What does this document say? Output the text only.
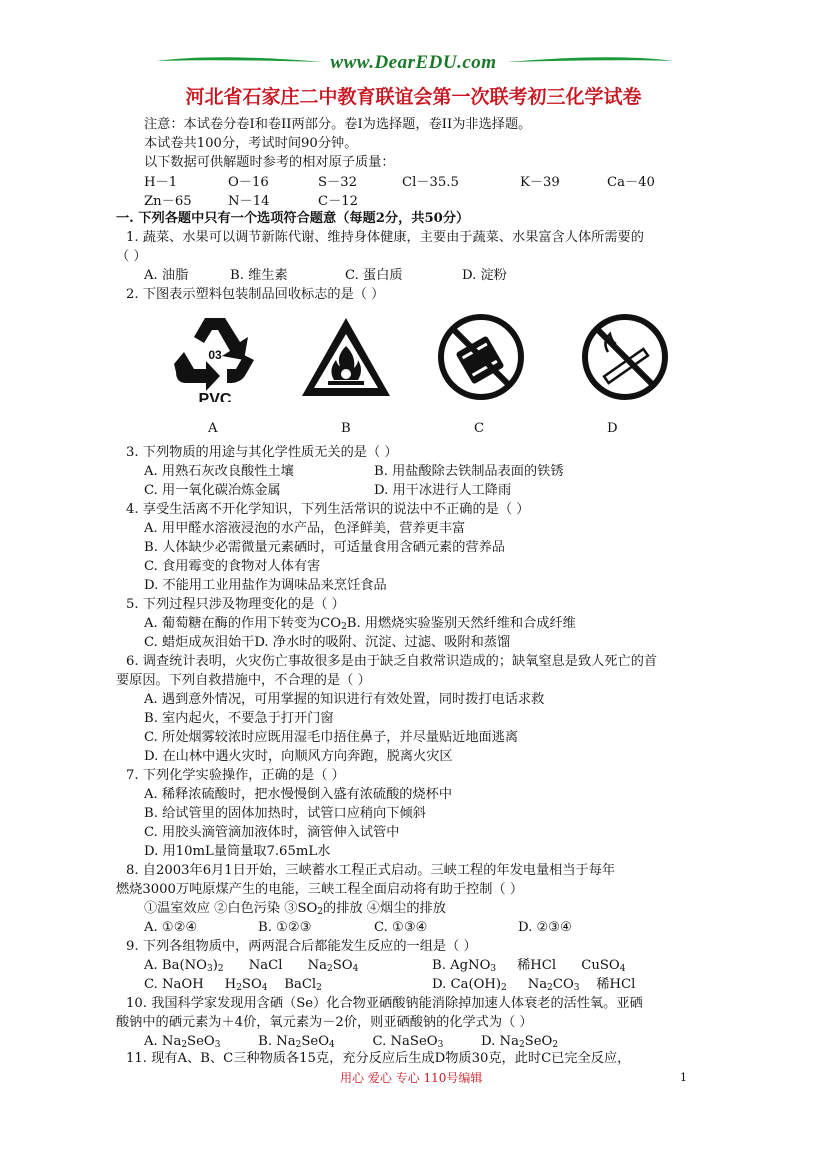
www.DearEDU.com
河北省石家庄二中教育联谊会第一次联考初三化学试卷
注意：本试卷分卷I和卷II两部分。卷I为选择题，卷II为非选择题。
本试卷共100分，考试时间90分钟。
以下数据可供解题时参考的相对原子质量：
H－1	O－16	S－32	Cl－35.5	K－39	Ca－40
Zn－65	N－14	C－12
一. 下列各题中只有一个选项符合题意（每题2分，共50分）
1. 蔬菜、水果可以调节新陈代谢、维持身体健康，主要由于蔬菜、水果富含人体所需要的
（ ）
A. 油脂	B. 维生素	C. 蛋白质	D. 淀粉
2. 下图表示塑料包装制品回收标志的是（ ）
03
PVC
A	B	C	D
3. 下列物质的用途与其化学性质无关的是（ ）
A. 用熟石灰改良酸性土壤	B. 用盐酸除去铁制品表面的铁锈
C. 用一氧化碳冶炼金属	D. 用干冰进行人工降雨
4. 享受生活离不开化学知识，下列生活常识的说法中不正确的是（ ）
A. 用甲醛水溶液浸泡的水产品，色泽鲜美，营养更丰富
B. 人体缺少必需微量元素硒时，可适量食用含硒元素的营养品
C. 食用霉变的食物对人体有害
D. 不能用工业用盐作为调味品来烹饪食品
5. 下列过程只涉及物理变化的是（ ）
A. 葡萄糖在酶的作用下转变为$CO_2B$. 用燃烧实验鉴别天然纤维和合成纤维
C. 蜡炬成灰泪始干D. 净水时的吸附、沉淀、过滤、吸附和蒸馏
6. 调查统计表明，火灾伤亡事故很多是由于缺乏自救常识造成的；缺氧窒息是致人死亡的首
要原因。下列自救措施中，不合理的是（ ）
A. 遇到意外情况，可用掌握的知识进行有效处置，同时拨打电话求救
B. 室内起火，不要急于打开门窗
C. 所处烟雾较浓时应既用湿毛巾捂住鼻子，并尽量贴近地面逃离
D. 在山林中遇火灾时，向顺风方向奔跑，脱离火灾区
7. 下列化学实验操作，正确的是（ ）
A. 稀释浓硫酸时，把水慢慢倒入盛有浓硫酸的烧杯中
B. 给试管里的固体加热时，试管口应稍向下倾斜
C. 用胶头滴管滴加液体时，滴管伸入试管中
D. 用10mL量筒量取7.65mL水
8. 自2003年6月1日开始，三峡蓄水工程正式启动。三峡工程的年发电量相当于每年
燃烧3000万吨原煤产生的电能，三峡工程全面启动将有助于控制（ ）
①温室效应 ②白色污染 $③SO_2$的排放 ④烟尘的排放
A. ①②④	B. ①②③	C. ①③④	D. ②③④
9. 下列各组物质中，两两混合后都能发生反应的一组是（ ）
A. $Ba(NO_3)_2$      NaCl      $Na_2SO_4$	B. AgNO$_3$     稀HCl      CuSO$_4$
C. NaOH     $H_2SO_4$    BaCl$_2$	D. $Ca(OH)_2$     $Na_2CO_3$    稀HCl
10. 我国科学家发现用含硒（Se）化合物亚硒酸钠能消除掉加速人体衰老的活性氧。亚硒
酸钠中的硒元素为＋4价，氧元素为－2价，则亚硒酸钠的化学式为（ ）
A. $Na_2SeO_3$         B. $Na_2SeO_4$         C. NaSeO$_3$         D. $Na_2SeO_2$
11. 现有A、B、C三种物质各15克，充分反应后生成D物质30克，此时C已完全反应，
用心 爱心 专心 110号编辑	1
